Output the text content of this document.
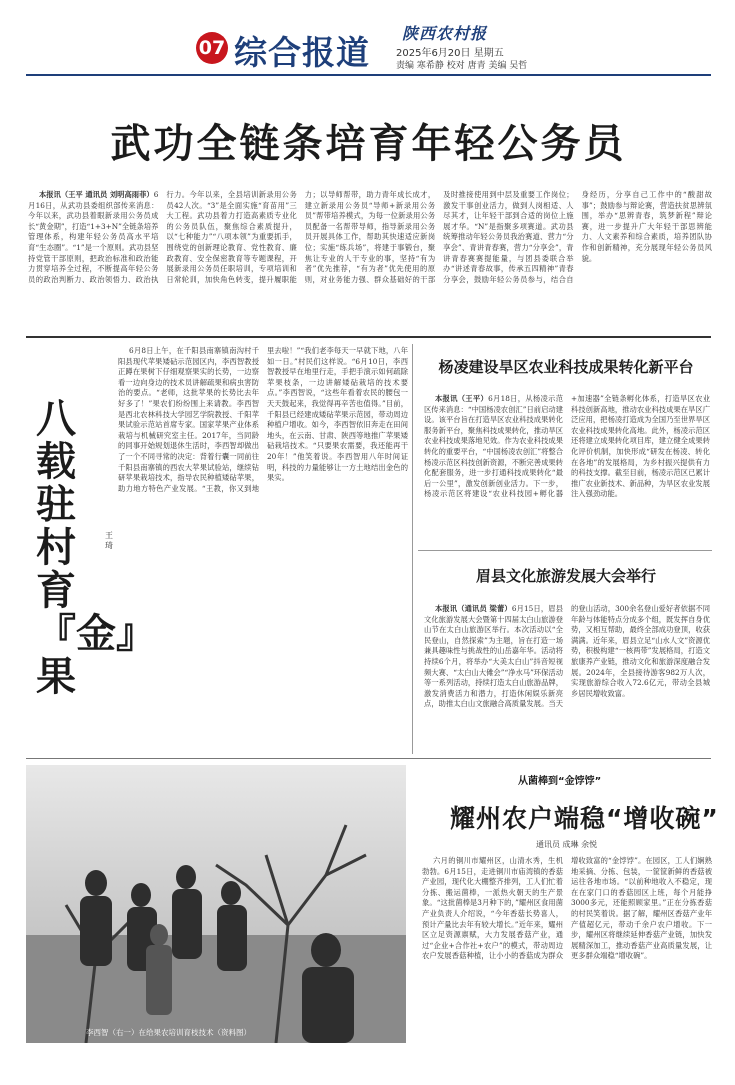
07 综合报道 陕西农村报
2025年6月20日 星期五
责编 寒希静 校对 唐青 美编 吴哲
武功全链条培育年轻公务员

本报讯（王平 通讯员 刘明高雨菲）6月16日，从武功县委组织部传来消息：今年以来，武功县着眼新录用公务员成长“黄金期”，打造“1+3+N”全链条培养管理体系，构建年轻公务员高水平培育“生态圈”。“1”是一个原则。武功县坚持党管干部原则，把政治标准和政治能力贯穿培养全过程，不断提高年轻公务员的政治判断力、政治领悟力、政治执行力。今年以来，全县培训新录用公务员42人次。“3”是全面实施“育苗用”三大工程。武功县着力打造高素质专业化的公务员队伍，聚焦综合素质提升，以“七种能力”“八项本领”为重要抓手，围绕党的创新理论教育、党性教育、廉政教育、安全保密教育等专题课程，开展新录用公务员任职培训，专项培训和日常轮训，加快角色转变，提升履职能力；以导师帮带，助力青年成长成才，建立新录用公务员“导师+新录用公务员”帮带培养模式，为每一位新录用公务员配备一名帮带导师，指导新录用公务员开展具体工作，帮助其快速适应新岗位；实施“练兵场”，将建于事锻台，聚焦让专业的人干专业的事，坚持“有为者”优先推荐，“有为者”优先使用的原则，对业务能力强、群众基础好的干部及时推接使用到中层及重要工作岗位；激发干事创业活力，做到人岗相适、人尽其才，让年轻干部到合适的岗位上施展才华。“N”是指聚多项赛道。武功县统筹推动年轻公务员我治赛道、营力“分享会”、青讲青春赛，营力“分享会”，青讲青春赛赛提能量，与团县委联合举办“讲述青春故事，传承五四精神”青春分享会，鼓励年轻公务员参与，结合自身经历，分享自己工作中的“酸甜故事”；鼓励参与辩论赛，营造扶贫思辨氛围，举办“思辨青春，筑梦新程”辩论赛，进一步提升广大年轻干部思辨能力、人文素养和综合素质，培养团队协作和创新精神，充分展现年轻公务员风貌。

八载驻村育『金』果
王琦

6月8日上午，在千阳县南寨镇南沟村千阳县现代苹果矮砧示范园区内，李西智教授正蹲在果树下仔细观察果实的长势，一边察看一边向身边的技术员讲解疏果和病虫害防治的要点。“老师，这批苹果的长势比去年好多了！”果农们纷纷围上来请教。李西智是西北农林科技大学园艺学院教授、千阳苹果试验示范站首席专家。国家苹果产业体系栽培与机械研究室主任。2017年，当同龄的同事开始规划退休生活时，李西智却做出了一个不同寻常的决定：背着行囊一同前往千阳县南寨镇的西农大苹果试验站，继续钻研苹果栽培技术，指导农民种植矮砧苹果，助力地方特色产业发展。“王教，你又到地里去啦！”“我们老李每天一早就下地，八年如一日。”村民们这样说。“6月10日，李西智教授早在地里行走，手把手演示如何疏除苹果枝条，一边讲解矮砧栽培的技术要点。”李西智说，“这些年看着农民的腰包一天天鼓起来，我觉得再辛苦也值得。”目前，千阳县已经建成矮砧苹果示范园，带动周边种植户增收。如今，李西智依旧奔走在田间地头，在云南、甘肃、陕西等地推广苹果矮砧栽培技术。“只要果农需要，我还能再干20年！”他笑着说。李西智用八年时间证明，科技的力量能够让一方土地结出金色的果实。

杨凌建设旱区农业科技成果转化新平台

本报讯（王平）6月18日，从杨凌示范区传来消息：“中国杨凌农创汇”日前启动建设。该平台旨在打造旱区农业科技成果转化服务新平台，聚焦科技成果转化，推动旱区农业科技成果落地见效。作为农业科技成果转化的重要平台，“中国杨凌农创汇”将整合杨凌示范区科技创新资源，不断完善成果转化配套服务，进一步打通科技成果转化“最后一公里”，激发创新创业活力。下一步，杨凌示范区将建设“农业科技园+孵化器+加速器”全链条孵化体系，打造旱区农业科技创新高地，推动农业科技成果在旱区广泛应用，把杨凌打造成为全国乃至世界旱区农业科技成果转化高地。此外，杨凌示范区还将建立成果转化项目库，建立健全成果转化评价机制，加快形成“研发在杨凌、转化在各地”的发展格局，为乡村振兴提供有力的科技支撑。截至目前，杨凌示范区已累计推广农业新技术、新品种，为旱区农业发展注入强劲动能。

眉县文化旅游发展大会举行

本报讯（通讯员 梁蕾）6月15日，眉县文化旅游发展大会暨第十四届太白山旅游登山节在太白山旅游区举行。本次活动以“全民登山，自然探索”为主题，旨在打造一场兼具趣味性与挑战性的山岳嘉年华。活动将持续6个月，将举办“大美太白山”抖音短视频大赛、“太白山大傩会”“净水马”环保活动等一系列活动，持续打造太白山旅游品牌，激发消费活力和潜力，打造休闲娱乐新亮点，助推太白山文旅融合高质量发展。当天的登山活动，300余名登山爱好者依据不同年龄与体能特点分成多个组，既发挥自身优势，又相互帮助，最终全部成功登顶，收获满满。近年来，眉县立足“山水人文”资源优势，积极构建“一核两带”发展格局，打造文旅康养产业链，推动文化和旅游深度融合发展。2024年，全县接待游客982万人次，实现旅游综合收入72.6亿元，带动全县城乡居民增收致富。

李西智（右一）在给果农培训育枝技术（资料图）
从菌棒到“金饽饽”
耀州农户端稳“增收碗”
通讯员 成琳 余悦

六月的铜川市耀州区，山清水秀，生机勃勃。6月15日，走进铜川市庙湾镇的香菇产业园，现代化大棚整齐排列，工人们忙着分拣、搬运菌棒，一派热火朝天的生产景象。“这批菌棒是3月种下的，”耀州区食用菌产业负责人介绍说，“今年香菇长势喜人，预计产量比去年有较大增长。”近年来，耀州区立足资源禀赋，大力发展香菇产业，通过“企业+合作社+农户”的模式，带动周边农户发展香菇种植，让小小的香菇成为群众增收致富的“金饽饽”。在园区，工人们娴熟地采摘、分拣、包装，一筐筐新鲜的香菇被运往各地市场。“以前种地收入不稳定，现在在家门口的香菇园区上班，每个月能挣3000多元，还能照顾家里。”正在分拣香菇的村民笑着说。据了解，耀州区香菇产业年产值超亿元，带动千余户农户增收。下一步，耀州区将继续延伸香菇产业链，加快发展精深加工，推动香菇产业高质量发展，让更多群众端稳“增收碗”。
